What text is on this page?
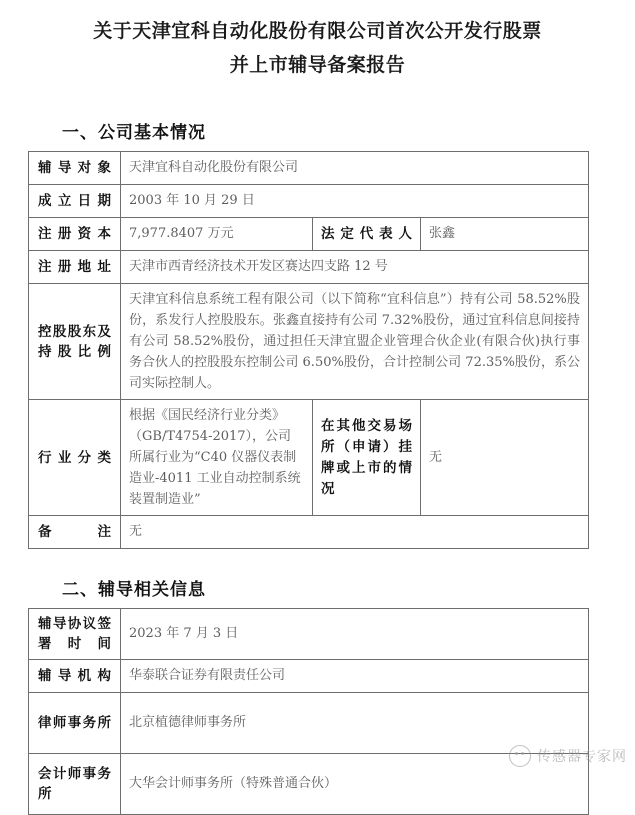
关于天津宜科自动化股份有限公司首次公开发行股票
并上市辅导备案报告
一、公司基本情况
辅导对象	天津宜科自动化股份有限公司		
成立日期	2003 年 10 月 29 日		
注册资本	7,977.8407 万元	法定代表人	张鑫
注册地址	天津市西青经济技术开发区赛达四支路 12 号		
控股股东及持股比例	天津宜科信息系统工程有限公司（以下简称“宜科信息”）持有公司 58.52%股份，系发行人控股股东。张鑫直接持有公司 7.32%股份，通过宜科信息间接持有公司 58.52%股份，通过担任天津宜盟企业管理合伙企业(有限合伙)执行事务合伙人的控股股东控制公司 6.50%股份，合计控制公司 72.35%股份，系公司实际控制人。		
行业分类	根据《国民经济行业分类》（GB/T4754-2017），公司所属行业为“C40 仪器仪表制造业-4011 工业自动控制系统装置制造业”	在其他交易场所（申请）挂牌或上市的情况	无
备注	无		
二、辅导相关信息
辅导协议签署时间	2023 年 7 月 3 日
辅导机构	华泰联合证券有限责任公司
律师事务所	北京植德律师事务所
会计师事务所	大华会计师事务所（特殊普通合伙）
传感器专家网
